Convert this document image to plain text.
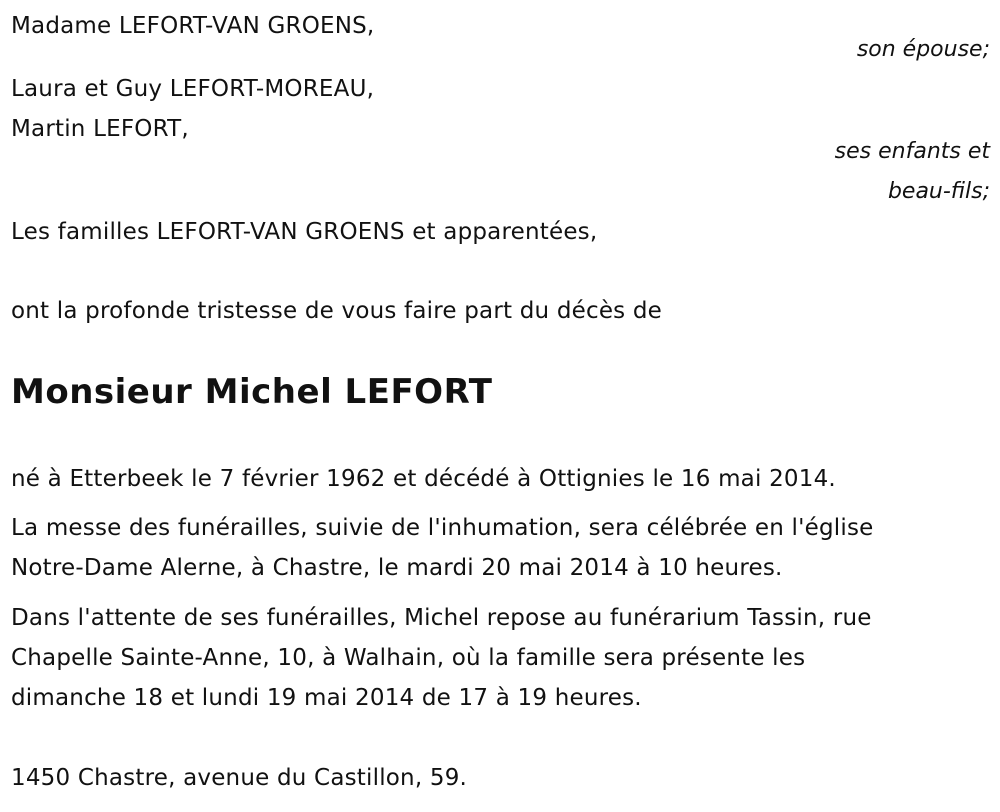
Madame LEFORT-VAN GROENS,
son épouse;
Laura et Guy LEFORT-MOREAU,
Martin LEFORT,
ses enfants et
beau-fils;
Les familles LEFORT-VAN GROENS et apparentées,
ont la profonde tristesse de vous faire part du décès de
Monsieur Michel LEFORT
né à Etterbeek le 7 février 1962 et décédé à Ottignies le 16 mai 2014.
La messe des funérailles, suivie de l'inhumation, sera célébrée en l'église
Notre-Dame Alerne, à Chastre, le mardi 20 mai 2014 à 10 heures.
Dans l'attente de ses funérailles, Michel repose au funérarium Tassin, rue
Chapelle Sainte-Anne, 10, à Walhain, où la famille sera présente les
dimanche 18 et lundi 19 mai 2014 de 17 à 19 heures.
1450 Chastre, avenue du Castillon, 59.
